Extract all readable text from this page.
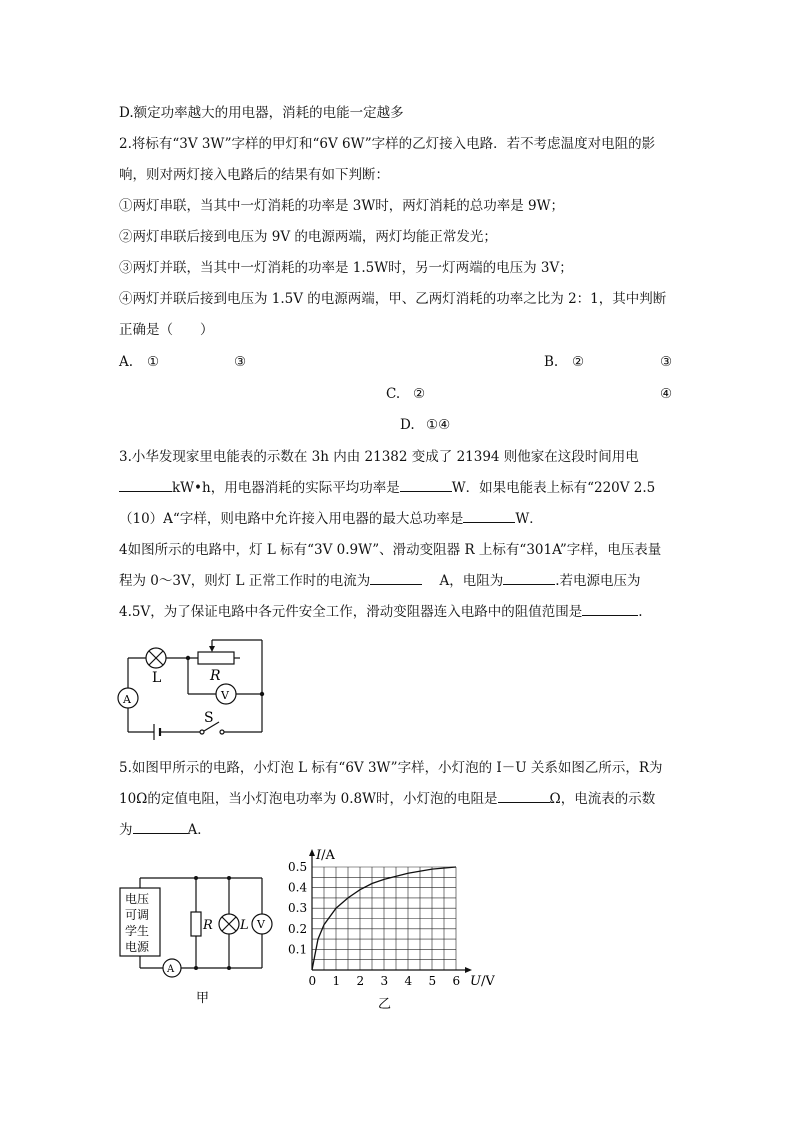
D.额定功率越大的用电器，消耗的电能一定越多
2.将标有“3V 3W”字样的甲灯和“6V 6W”字样的乙灯接入电路．若不考虑温度对电阻的影
响，则对两灯接入电路后的结果有如下判断：
①两灯串联，当其中一灯消耗的功率是 3W时，两灯消耗的总功率是 9W；
②两灯串联后接到电压为 9V 的电源两端，两灯均能正常发光；
③两灯并联，当其中一灯消耗的功率是 1.5W时，另一灯两端的电压为 3V；
④两灯并联后接到电压为 1.5V 的电源两端，甲、乙两灯消耗的功率之比为 2：1，其中判断
正确是（　　）
A. ①	③	B. ②	③
C. ②	④
D. ①④
3.小华发现家里电能表的示数在 3h 内由 21382 变成了 21394 则他家在这段时间用电
kW•h，用电器消耗的实际平均功率是	W．如果电能表上标有“220V 2.5
（10）A“字样，则电路中允许接入用电器的最大总功率是	W．
4如图所示的电路中，灯 L 标有“3V 0.9W”、滑动变阻器 R 上标有“301A”字样，电压表量
程为 0～3V，则灯 L 正常工作时的电流为	A，电阻为	.若电源电压为
4.5V，为了保证电路中各元件安全工作，滑动变阻器连入电路中的阻值范围是	.
L	R
A	V
S
5.如图甲所示的电路，小灯泡 L 标有“6V 3W”字样，小灯泡的 I－U 关系如图乙所示，R为
10Ω的定值电阻，当小灯泡电功率为 0.8W时，小灯泡的电阻是	Ω，电流表的示数
为	A．
电压
可调
学生
电源
R L V
A
甲
0 1 2 3 4 5 6
0.1
0.2
0.3
0.4
0.5
I/A
U/V
乙
